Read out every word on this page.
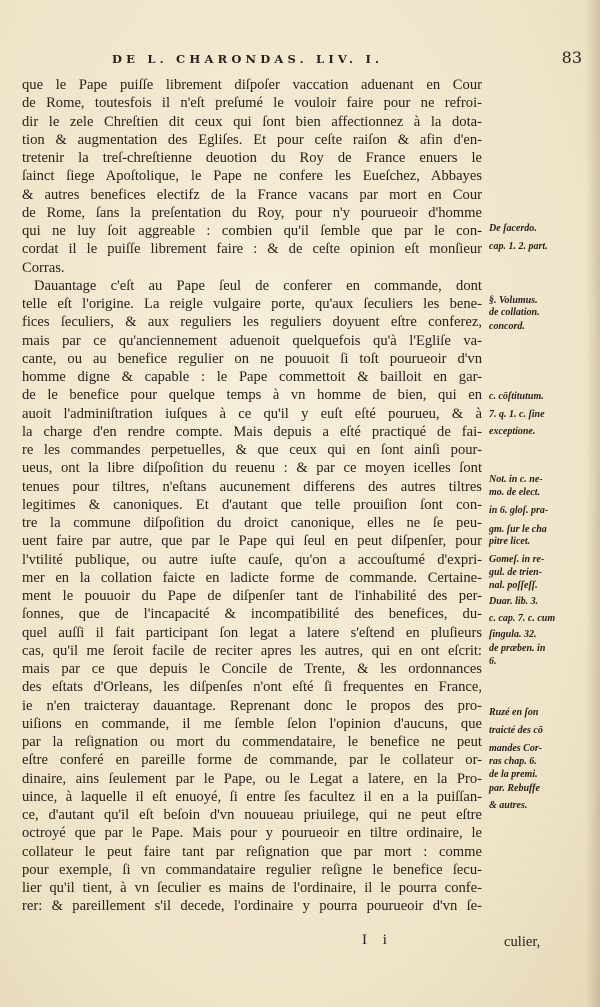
DE L. CHARONDAS. LIV. I.	83
que le Pape puiſſe librement diſpoſer vaccation aduenant en Cour
de Rome, toutesfois il n'eſt preſumé le vouloir faire pour ne refroi-
dir le zele Chreſtien dit ceux qui ſont bien affectionnez à la dota-
tion & augmentation des Egliſes. Et pour ceſte raiſon & afin d'en-
tretenir la treſ-chreſtienne deuotion du Roy de France enuers le
ſainct ſiege Apoſtolique, le Pape ne confere les Eueſchez, Abbayes
& autres benefices electifz de la France vacans par mort en Cour
de Rome, ſans la preſentation du Roy, pour n'y pourueoir d'homme
qui ne luy ſoit aggreable : combien qu'il ſemble que par le con-
cordat il le puiſſe librement faire : & de ceſte opinion eſt monſieur
Corras.
Dauantage c'eſt au Pape ſeul de conferer en commande, dont
telle eſt l'origine. La reigle vulgaire porte, qu'aux ſeculiers les bene-
fices ſeculiers, & aux reguliers les reguliers doyuent eſtre conferez,
mais par ce qu'anciennement aduenoit quelquefois qu'à l'Egliſe va-
cante, ou au benefice regulier on ne pouuoit ſi toſt pourueoir d'vn
homme digne & capable : le Pape commettoit & bailloit en gar-
de le benefice pour quelque temps à vn homme de bien, qui en
auoit l'adminiſtration iuſques à ce qu'il y euſt eſté pourueu, & à
la charge d'en rendre compte. Mais depuis a eſté practiqué de fai-
re les commandes perpetuelles, & que ceux qui en ſont ainſi pour-
ueus, ont la libre diſpoſition du reuenu : & par ce moyen icelles ſont
tenues pour tiltres, n'eſtans aucunement differens des autres tiltres
legitimes & canoniques. Et d'autant que telle prouiſion ſont con-
tre la commune diſpoſition du droict canonique, elles ne ſe peu-
uent faire par autre, que par le Pape qui ſeul en peut diſpenſer, pour
l'vtilité publique, ou autre iuſte cauſe, qu'on a accouſtumé d'expri-
mer en la collation faicte en ladicte forme de commande. Certaine-
ment le pouuoir du Pape de diſpenſer tant de l'inhabilité des per-
ſonnes, que de l'incapacité & incompatibilité des benefices, du-
quel auſſi il fait participant ſon legat a latere s'eſtend en pluſieurs
cas, qu'il me ſeroit facile de reciter apres les autres, qui en ont eſcrit:
mais par ce que depuis le Concile de Trente, & les ordonnances
des eſtats d'Orleans, les diſpenſes n'ont eſté ſi frequentes en France,
ie n'en traicteray dauantage. Reprenant donc le propos des pro-
uiſions en commande, il me ſemble ſelon l'opinion d'aucuns, que
par la reſignation ou mort du commendataire, le benefice ne peut
eſtre conferé en pareille forme de commande, par le collateur or-
dinaire, ains ſeulement par le Pape, ou le Legat a latere, en la Pro-
uince, à laquelle il eſt enuoyé, ſi entre ſes facultez il en a la puiſſan-
ce, d'autant qu'il eſt beſoin d'vn nouueau priuilege, qui ne peut eſtre
octroyé que par le Pape. Mais pour y pourueoir en tiltre ordinaire, le
collateur le peut faire tant par reſignation que par mort : comme
pour exemple, ſi vn commandataire regulier reſigne le benefice ſecu-
lier qu'il tient, à vn ſeculier es mains de l'ordinaire, il le pourra confe-
rer: & pareillement s'il decede, l'ordinaire y pourra pourueoir d'vn ſe-
De ſacerdo.
cap. 1. 2. part.
§. Volumus.
de collation.
concord.
c. cōſtitutum.
7. q. 1. c. ſine
exceptione.
Not. in c. ne-
mo. de elect.
in 6. gloſ. pra-
gm. ſur le cha
pitre licet.
Gomeſ. in re-
gul. de trien-
nal. poſſeſſ.
Duar. lib. 3.
c. cap. 7. c. cum
ſingula. 32.
de præben. in
6.
Ruzé en ſon
traicté des cō
mandes Cor-
ras chap. 6.
de la premi.
par. Rebuffe
& autres.
I i	culier,
